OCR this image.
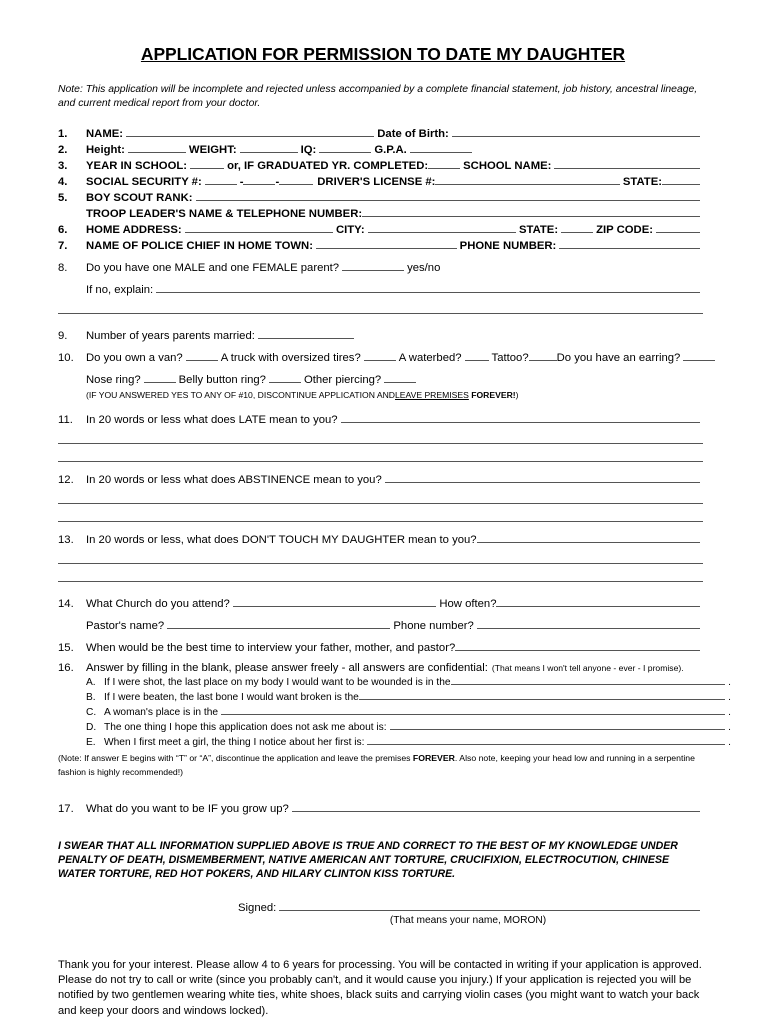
APPLICATION FOR PERMISSION TO DATE MY DAUGHTER

Note: This application will be incomplete and rejected unless accompanied by a complete financial statement, job history, ancestral lineage, and current medical report from your doctor.

1.	NAME:	Date of Birth:
2.	Height:	WEIGHT:	IQ:	G.P.A.
3.	YEAR IN SCHOOL:	or, IF GRADUATED YR. COMPLETED:	SCHOOL NAME:
4.	SOCIAL SECURITY #:	-	-	DRIVER'S LICENSE #:	STATE:
5.	BOY SCOUT RANK:
TROOP LEADER'S NAME & TELEPHONE NUMBER:
6.	HOME ADDRESS:	CITY:	STATE:	ZIP CODE:
7.	NAME OF POLICE CHIEF IN HOME TOWN:	PHONE NUMBER:
8.	Do you have one MALE and one FEMALE parent?	yes/no
If no, explain:
9.	Number of years parents married:
10.	Do you own a van?	A truck with oversized tires?	A waterbed?	Tattoo? Do you have an earring?
Nose ring?	Belly button ring?	Other piercing?
(IF YOU ANSWERED YES TO ANY OF #10, DISCONTINUE APPLICATION AND LEAVE PREMISES
FOREVER! )
11.	In 20 words or less what does LATE mean to you?
12.	In 20 words or less what does ABSTINENCE mean to you?
13.	In 20 words or less, what does DON'T TOUCH MY DAUGHTER mean to you?
14.	What Church do you attend?	How often?
Pastor's name?	Phone number?
15.	When would be the best time to interview your father, mother, and pastor?
16.	Answer by filling in the blank, please answer freely - all answers are confidential: (That means I won't tell anyone - ever - I promise).
A. If I were shot, the last place on my body I would want to be wounded is in the	.
B. If I were beaten, the last bone I would want broken is the	.
C. A woman's place is in the	.
D. The one thing I hope this application does not ask me about is:	.
E. When I first meet a girl, the thing I notice about her first is:	.

(Note: If answer E begins with “T” or “A”, discontinue the application and leave the premises FOREVER. Also note, keeping your head low and running in a serpentine fashion is highly recommended!)

17.	What do you want to be IF you grow up?

I SWEAR THAT ALL INFORMATION SUPPLIED ABOVE IS TRUE AND CORRECT TO THE BEST OF MY KNOWLEDGE UNDER PENALTY OF DEATH, DISMEMBERMENT, NATIVE AMERICAN ANT TORTURE, CRUCIFIXION, ELECTROCUTION, CHINESE WATER TORTURE, RED HOT POKERS, AND HILARY CLINTON KISS TORTURE.

Signed:
(That means your name, MORON)

Thank you for your interest. Please allow 4 to 6 years for processing. You will be contacted in writing if your application is approved. Please do not try to call or write (since you probably can't, and it would cause you injury.) If your application is rejected you will be notified by two gentlemen wearing white ties, white shoes, black suits and carrying violin cases (you might want to watch your back and keep your doors and windows locked).
